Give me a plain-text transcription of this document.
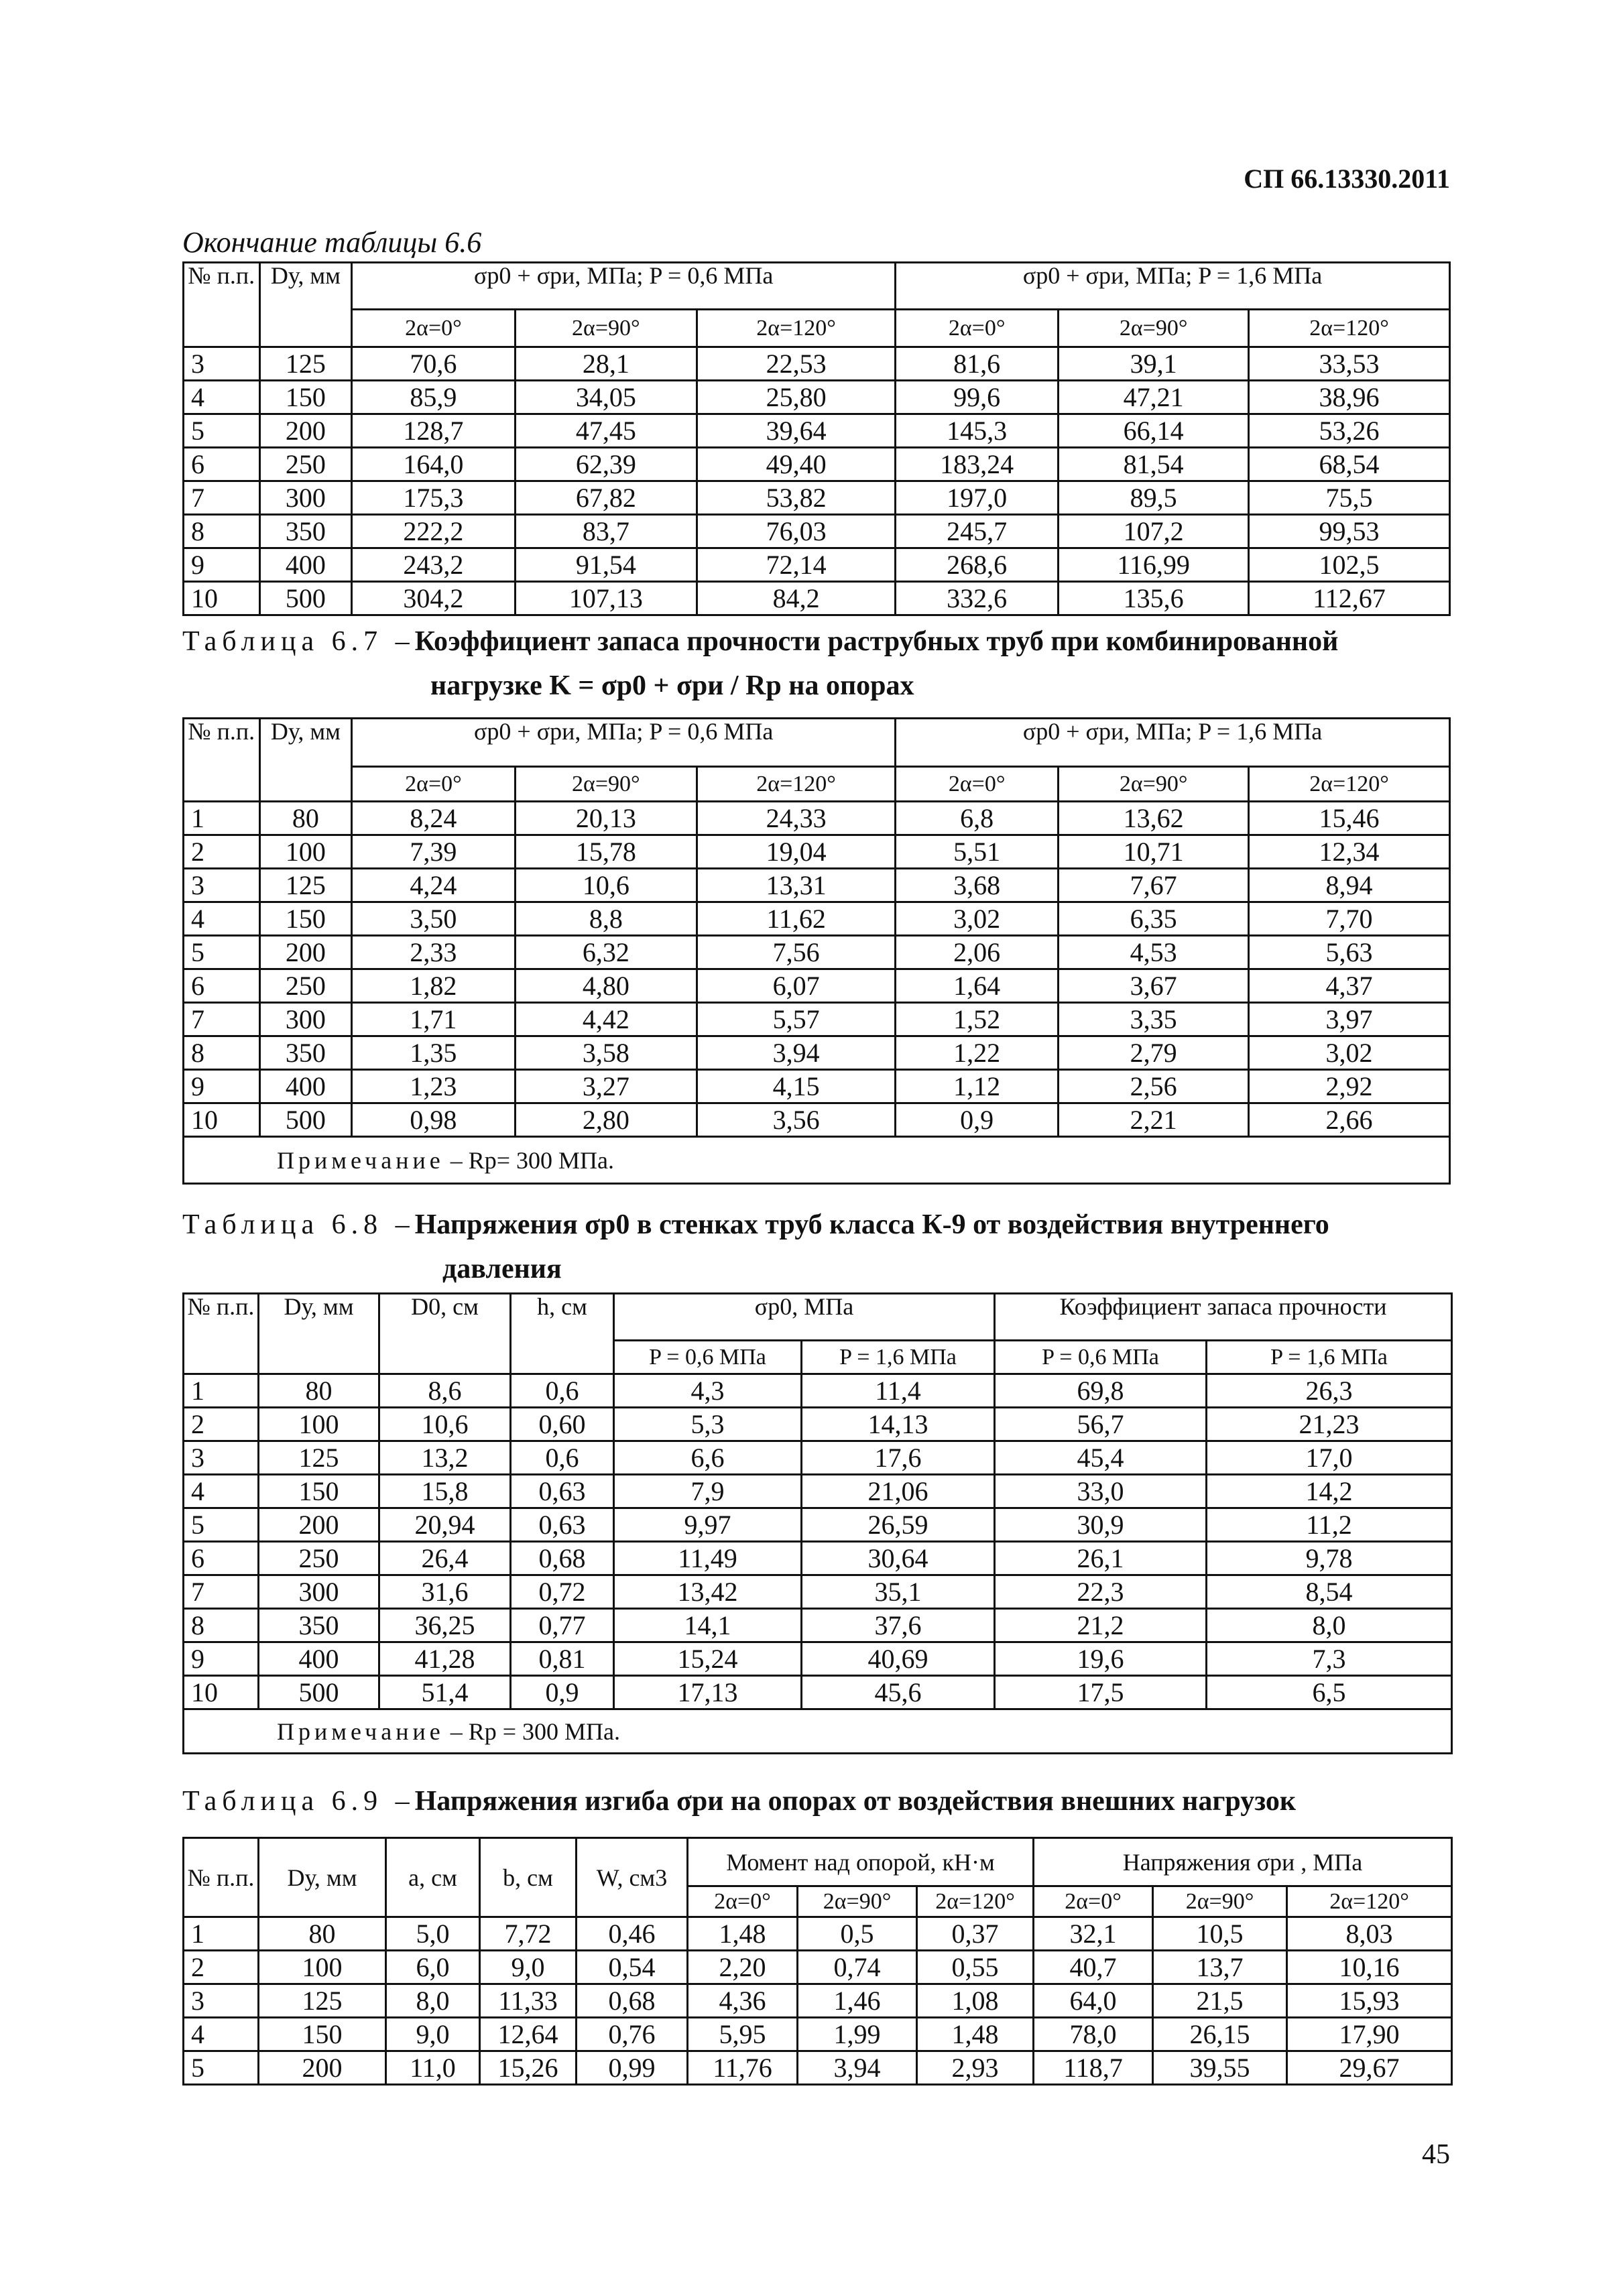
СП 66.13330.2011
Окончание таблицы 6.6
№ п.п.	Dу, мм	σр0 + σри, МПа; P = 0,6 МПа			σр0 + σри, МПа; P = 1,6 МПа		
		2α=0°	2α=90°	2α=120°	2α=0°	2α=90°	2α=120°
3	125	70,6	28,1	22,53	81,6	39,1	33,53
4	150	85,9	34,05	25,80	99,6	47,21	38,96
5	200	128,7	47,45	39,64	145,3	66,14	53,26
6	250	164,0	62,39	49,40	183,24	81,54	68,54
7	300	175,3	67,82	53,82	197,0	89,5	75,5
8	350	222,2	83,7	76,03	245,7	107,2	99,53
9	400	243,2	91,54	72,14	268,6	116,99	102,5
10	500	304,2	107,13	84,2	332,6	135,6	112,67
Таблица 6.7 –Коэффициент запаса прочности раструбных труб при комбинированной
нагрузке K = σр0 + σри / Rр на опорах
№ п.п.	Dу, мм	σр0 + σри, МПа; P = 0,6 МПа			σр0 + σри, МПа; P = 1,6 МПа		
		2α=0°	2α=90°	2α=120°	2α=0°	2α=90°	2α=120°
1	80	8,24	20,13	24,33	6,8	13,62	15,46
2	100	7,39	15,78	19,04	5,51	10,71	12,34
3	125	4,24	10,6	13,31	3,68	7,67	8,94
4	150	3,50	8,8	11,62	3,02	6,35	7,70
5	200	2,33	6,32	7,56	2,06	4,53	5,63
6	250	1,82	4,80	6,07	1,64	3,67	4,37
7	300	1,71	4,42	5,57	1,52	3,35	3,97
8	350	1,35	3,58	3,94	1,22	2,79	3,02
9	400	1,23	3,27	4,15	1,12	2,56	2,92
10	500	0,98	2,80	3,56	0,9	2,21	2,66
Примечание – Rр= 300 МПа.							
Таблица 6.8 –Напряжения σр0 в стенках труб класса К-9 от воздействия внутреннего
давления
№ п.п.	Dу, мм	D0, см	h, см	σр0, МПа		Коэффициент запаса прочности	
				P = 0,6 МПа	P = 1,6 МПа	P = 0,6 МПа	P = 1,6 МПа
1	80	8,6	0,6	4,3	11,4	69,8	26,3
2	100	10,6	0,60	5,3	14,13	56,7	21,23
3	125	13,2	0,6	6,6	17,6	45,4	17,0
4	150	15,8	0,63	7,9	21,06	33,0	14,2
5	200	20,94	0,63	9,97	26,59	30,9	11,2
6	250	26,4	0,68	11,49	30,64	26,1	9,78
7	300	31,6	0,72	13,42	35,1	22,3	8,54
8	350	36,25	0,77	14,1	37,6	21,2	8,0
9	400	41,28	0,81	15,24	40,69	19,6	7,3
10	500	51,4	0,9	17,13	45,6	17,5	6,5
Примечание – Rр = 300 МПа.							
Таблица 6.9 –Напряжения изгиба σри на опорах от воздействия внешних нагрузок
№ п.п.	Dу, мм	a, см	b, см	W, см3	Момент над опорой, кН·м			Напряжения σри , МПа		
					2α=0°	2α=90°	2α=120°	2α=0°	2α=90°	2α=120°
1	80	5,0	7,72	0,46	1,48	0,5	0,37	32,1	10,5	8,03
2	100	6,0	9,0	0,54	2,20	0,74	0,55	40,7	13,7	10,16
3	125	8,0	11,33	0,68	4,36	1,46	1,08	64,0	21,5	15,93
4	150	9,0	12,64	0,76	5,95	1,99	1,48	78,0	26,15	17,90
5	200	11,0	15,26	0,99	11,76	3,94	2,93	118,7	39,55	29,67
45
